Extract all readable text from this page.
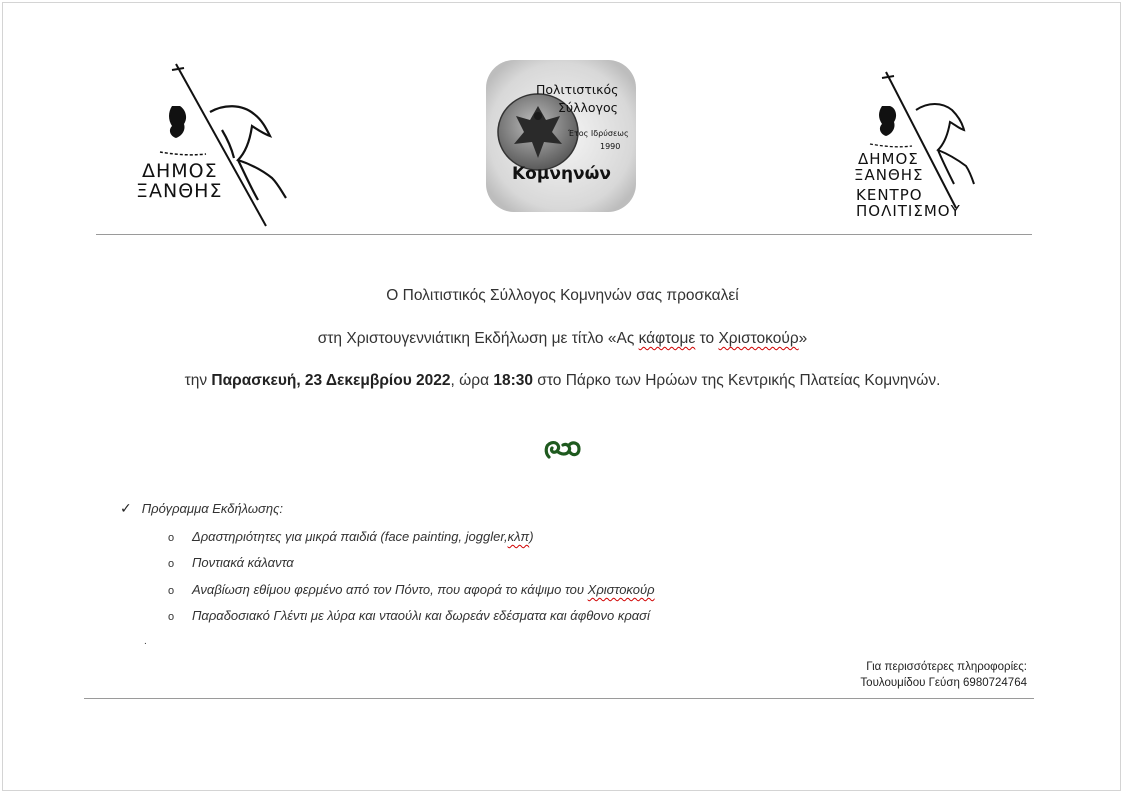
ΔΗΜΟΣ
ΞΑΝΘΗΣ
Πολιτιστικός
Σύλλογος
Έτος Ιδρύσεως
1990
Κομνηνών
ΔΗΜΟΣ
ΞΑΝΘΗΣ
ΚΕΝΤΡΟ
ΠΟΛΙΤΙΣΜΟΥ
Ο Πολιτιστικός Σύλλογος Κομνηνών σας προσκαλεί
στη Χριστουγεννιάτικη Εκδήλωση με τίτλο «Ας κάφτομε το Χριστοκούρ»
την Παρασκευή, 23 Δεκεμβρίου 2022, ώρα 18:30 στο Πάρκο των Ηρώων της Κεντρικής Πλατείας Κομνηνών.
✓ Πρόγραμμα Εκδήλωσης:
o Δραστηριότητες για μικρά παιδιά (face painting, joggler,κλπ)
o Ποντιακά κάλαντα
o Αναβίωση εθίμου φερμένο από τον Πόντο, που αφορά το κάψιμο του Χριστοκούρ
o Παραδοσιακό Γλέντι με λύρα και νταούλι και δωρεάν εδέσματα και άφθονο κρασί
.
Για περισσότερες πληροφορίες:
Τουλουμίδου Γεύση 6980724764
